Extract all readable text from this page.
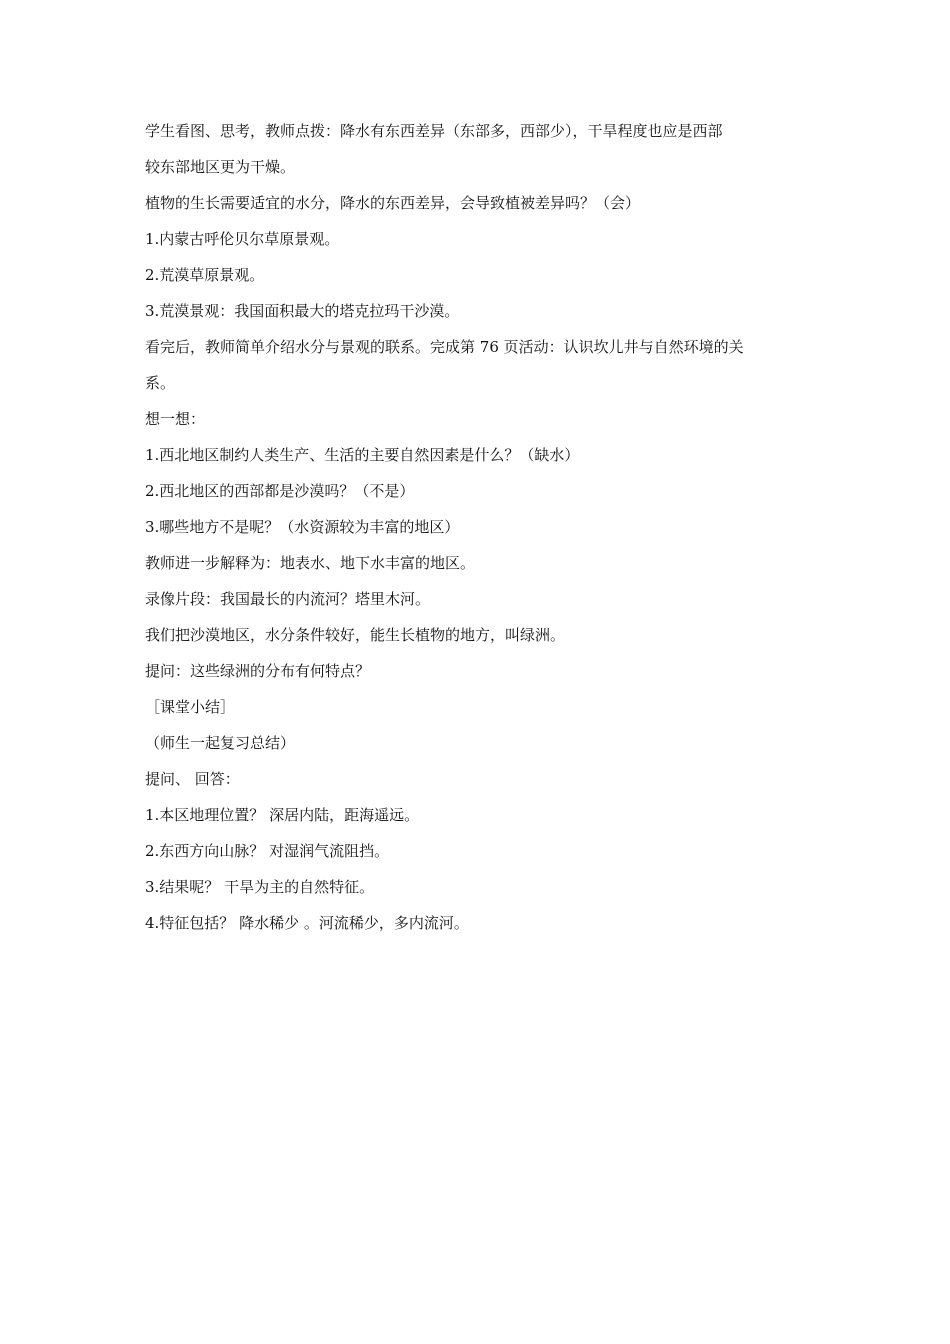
学生看图、思考，教师点拨：降水有东西差异（东部多，西部少），干旱程度也应是西部
较东部地区更为干燥。
植物的生长需要适宜的水分，降水的东西差异，会导致植被差异吗？（会）
1.内蒙古呼伦贝尔草原景观。
2.荒漠草原景观。
3.荒漠景观：我国面积最大的塔克拉玛干沙漠。
看完后，教师简单介绍水分与景观的联系。完成第 76 页活动：认识坎儿井与自然环境的关
系。
想一想：
1.西北地区制约人类生产、生活的主要自然因素是什么？（缺水）
2.西北地区的西部都是沙漠吗？（不是）
3.哪些地方不是呢？（水资源较为丰富的地区）
教师进一步解释为：地表水、地下水丰富的地区。
录像片段：我国最长的内流河？塔里木河。
我们把沙漠地区，水分条件较好，能生长植物的地方，叫绿洲。
提问：这些绿洲的分布有何特点？
［课堂小结］
（师生一起复习总结）
提问、 回答：
1.本区地理位置？ 深居内陆，距海遥远。
2.东西方向山脉？ 对湿润气流阻挡。
3.结果呢？ 干旱为主的自然特征。
4.特征包括？ 降水稀少 。河流稀少，多内流河。
